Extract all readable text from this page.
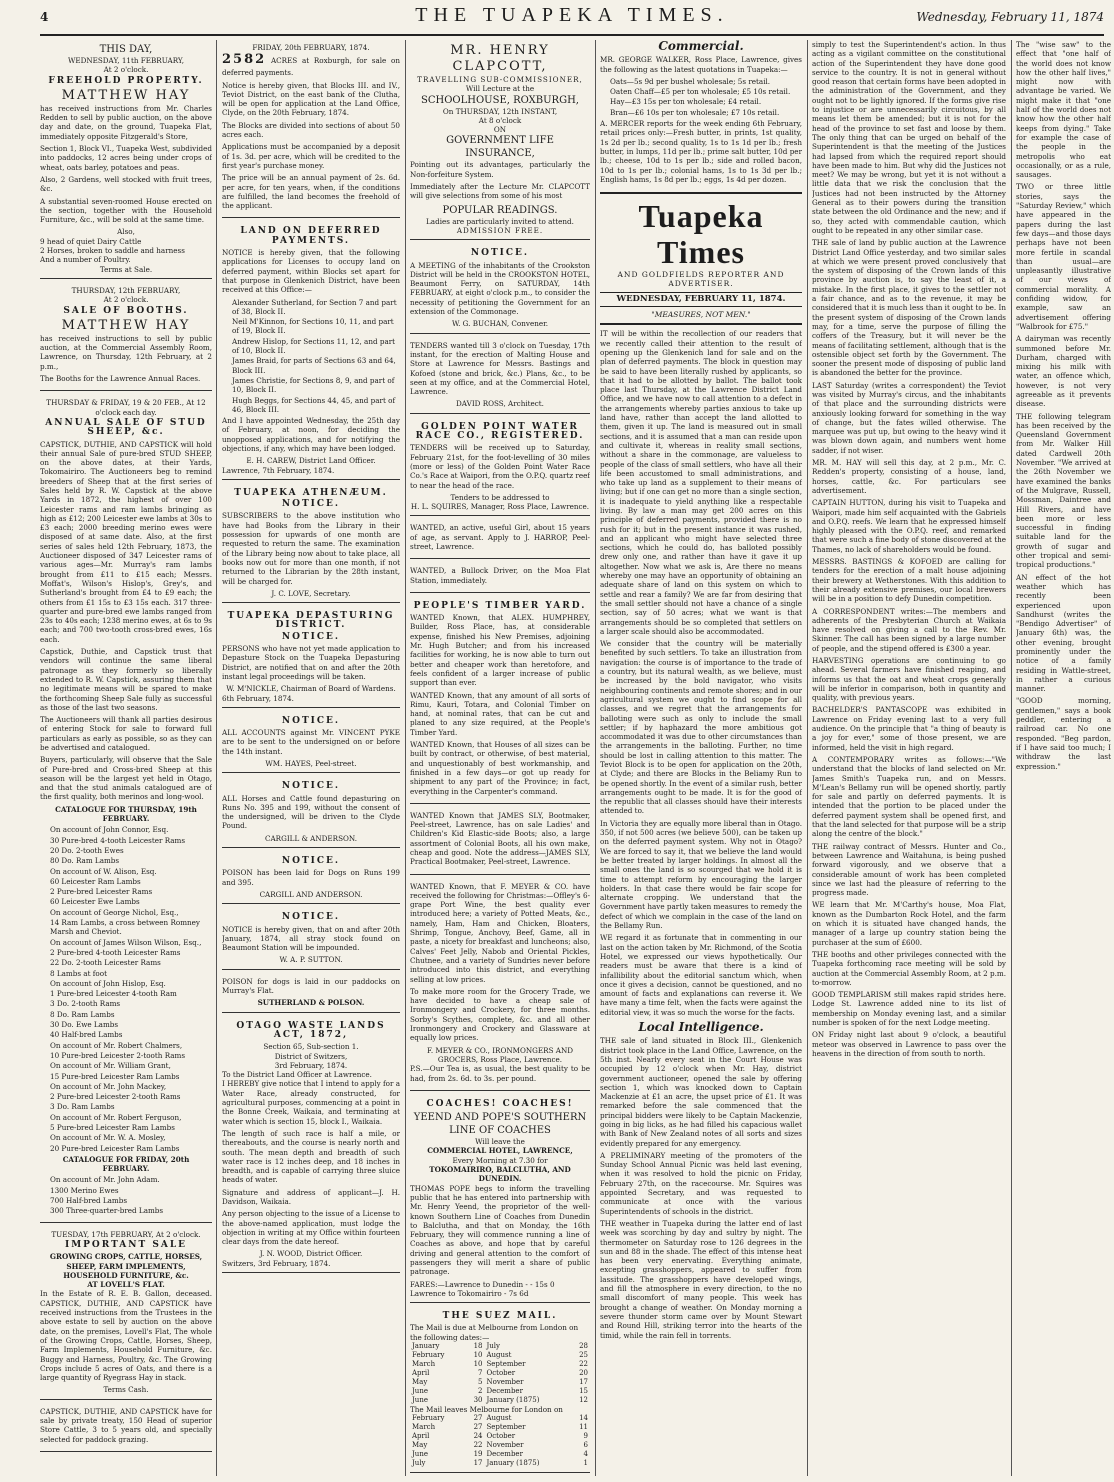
4	THE TUAPEKA TIMES.	Wednesday, February 11, 1874
THIS DAY,
WEDNESDAY, 11th FEBRUARY,
At 2 o'clock.
FREEHOLD PROPERTY.
MATTHEW HAY

has received instructions from Mr. Charles Redden to sell by public auction, on the above day and date, on the ground, Tuapeka Flat, immediately opposite Fitzgerald's Store,

Section 1, Block VI., Tuapeka West, subdivided into paddocks, 12 acres being under crops of wheat, oats barley, potatoes and peas.

Also, 2 Gardens, well stocked with fruit trees, &c.

A substantial seven-roomed House erected on the section, together with the Household Furniture, &c., will be sold at the same time.

Also,
9 head of quiet Dairy Cattle
2 Horses, broken to saddle and harness
And a number of Poultry.
Terms at Sale.
THURSDAY, 12th FEBRUARY,
At 2 o'clock.
SALE OF BOOTHS.
MATTHEW HAY

has received instructions to sell by public auction, at the Commercial Assembly Room, Lawrence, on Thursday, 12th February, at 2 p.m.,

The Booths for the Lawrence Annual Races.

THURSDAY & FRIDAY, 19 & 20 FEB., At 12 o'clock each day.
ANNUAL SALE OF STUD SHEEP, &c.

CAPSTICK, DUTHIE, AND CAPSTICK will hold their annual Sale of pure-bred STUD SHEEP, on the above dates, at their Yards, Tokomairiro. The Auctioneers beg to remind breeders of Sheep that at the first series of Sales held by R. W. Capstick at the above Yards in 1872, the highest of over 100 Leicester rams and ram lambs bringing as high as £12; 200 Leicester ewe lambs at 30s to £3 each; 2000 breeding merino ewes were disposed of at same date. Also, at the first series of sales held 12th February, 1873, the Auctioneer disposed of 347 Leicester rams of various ages—Mr. Murray's ram lambs brought from £11 to £15 each; Messrs. Moffat's, Wilson's Hislop's, Grey's, and Sutherland's brought from £4 to £9 each; the others from £1 15s to £3 15s each. 317 three-quarter and pure-bred ewe lambs ranged from 23s to 40s each; 1238 merino ewes, at 6s to 9s each; and 700 two-tooth cross-bred ewes, 16s each.

Capstick, Duthie, and Capstick trust that vendors will continue the same liberal patronage as they formerly so liberally extended to R. W. Capstick, assuring them that no legitimate means will be spared to make the forthcoming Sheep Sale fully as successful as those of the last two seasons.

The Auctioneers will thank all parties desirous of entering Stock for sale to forward full particulars as early as possible, so as they can be advertised and catalogued.

Buyers, particularly, will observe that the Sale of Pure-bred and Cross-bred Sheep at this season will be the largest yet held in Otago, and that the stud animals catalogued are of the first quality, both merinos and long-wool.

CATALOGUE FOR THURSDAY, 19th FEBRUARY.
On account of John Connor, Esq.
30 Pure-bred 4-tooth Leicester Rams
20 Do. 2-tooth Ewes
80 Do. Ram Lambs
On account of W. Alison, Esq.
60 Leicester Ram Lambs
2 Pure-bred Leicester Rams
60 Leicester Ewe Lambs
On account of George Nichol, Esq.,
14 Ram Lambs, a cross between Romney Marsh and Cheviot.
On account of James Wilson Wilson, Esq.,
2 Pure-bred 4-tooth Leicester Rams
22 Do. 2-tooth Leicester Rams
8 Lambs at foot
On account of John Hislop, Esq.
1 Pure-bred Leicester 4-tooth Ram
3 Do. 2-tooth Rams
8 Do. Ram Lambs
30 Do. Ewe Lambs
40 Half-bred Lambs
On account of Mr. Robert Chalmers,
10 Pure-bred Leicester 2-tooth Rams
On account of Mr. William Grant,
15 Pure-bred Leicester Ram Lambs
On account of Mr. John Mackey,
2 Pure-bred Leicester 2-tooth Rams
3 Do. Ram Lambs
On account of Mr. Robert Ferguson,
5 Pure-bred Leicester Ram Lambs
On account of Mr. W. A. Mosley,
20 Pure-bred Leicester Ram Lambs
CATALOGUE FOR FRIDAY, 20th FEBRUARY.
On account of Mr. John Adam.
1300 Merino Ewes
700 Half-bred Lambs
300 Three-quarter-bred Lambs
TUESDAY, 17th FEBRUARY, At 2 o'clock.
IMPORTANT SALE
GROWING CROPS, CATTLE, HORSES, SHEEP, FARM IMPLEMENTS, HOUSEHOLD FURNITURE, &c.
AT LOVELL'S FLAT.

In the Estate of R. E. B. Gallon, deceased. CAPSTICK, DUTHIE, AND CAPSTICK have received instructions from the Trustees in the above estate to sell by auction on the above date, on the premises, Lovell's Flat, The whole of the Growing Crops, Cattle, Horses, Sheep, Farm Implements, Household Furniture, &c. Buggy and Harness, Poultry, &c. The Growing Crops include 5 acres of Oats, and there is a large quantity of Ryegrass Hay in stack.

Terms Cash.

CAPSTICK, DUTHIE, AND CAPSTICK have for sale by private treaty, 150 Head of superior Store Cattle, 3 to 5 years old, and specially selected for paddock grazing.

FRIDAY, 20th FEBRUARY, 1874.

2582 ACRES at Roxburgh, for sale on deferred payments.

Notice is hereby given, that Blocks III. and IV., Teviot District, on the east bank of the Clutha, will be open for application at the Land Office, Clyde, on the 20th February, 1874.

The Blocks are divided into sections of about 50 acres each.

Applications must be accompanied by a deposit of 1s. 3d. per acre, which will be credited to the first year's purchase money.

The price will be an annual payment of 2s. 6d. per acre, for ten years, when, if the conditions are fulfilled, the land becomes the freehold of the applicant.

LAND ON DEFERRED PAYMENTS.

NOTICE is hereby given, that the following applications for Licenses to occupy land on deferred payment, within Blocks set apart for that purpose in Glenkenich District, have been received at this Office:—

Alexander Sutherland, for Section 7 and part of 38, Block II.
Neil M'Kinnon, for Sections 10, 11, and part of 19, Block II.
Andrew Hislop, for Sections 11, 12, and part of 10, Block II.
James Braid, for parts of Sections 63 and 64, Block III.
James Christie, for Sections 8, 9, and part of 10, Block II.
Hugh Beggs, for Sections 44, 45, and part of 46, Block III.

And I have appointed Wednesday, the 25th day of February, at noon, for deciding the unopposed applications, and for notifying the objections, if any, which may have been lodged.

E. H. CAREW, District Land Officer.
Lawrence, 7th February, 1874.
TUAPEKA ATHENÆUM.
NOTICE.

SUBSCRIBERS to the above institution who have had Books from the Library in their possession for upwards of one month are requested to return the same. The examination of the Library being now about to take place, all books now out for more than one month, if not returned to the Librarian by the 28th instant, will be charged for.

J. C. LOVE, Secretary.
TUAPEKA DEPASTURING DISTRICT.
NOTICE.

PERSONS who have not yet made application to Depasture Stock on the Tuapeka Depasturing District, are notified that on and after the 20th instant legal proceedings will be taken.

W. M'NICKLE, Chairman of Board of Wardens.
6th February, 1874.
NOTICE.

ALL ACCOUNTS against Mr. VINCENT PYKE are to be sent to the undersigned on or before the 14th instant.

WM. HAYES, Peel-street.
NOTICE.

ALL Horses and Cattle found depasturing on Runs No. 395 and 199, without the consent of the undersigned, will be driven to the Clyde Pound.

CARGILL & ANDERSON.
NOTICE.

POISON has been laid for Dogs on Runs 199 and 395.

CARGILL AND ANDERSON.
NOTICE.

NOTICE is hereby given, that on and after 20th January, 1874, all stray stock found on Beaumont Station will be impounded.

W. A. P. SUTTON.

POISON for dogs is laid in our paddocks on Murray's Flat.

SUTHERLAND & POLSON.
OTAGO WASTE LANDS ACT, 1872,
Section 65, Sub-section 1.
District of Switzers,
3rd February, 1874.
To the District Land Officer at Lawrence.

I HEREBY give notice that I intend to apply for a Water Race, already constructed, for agricultural purposes, commencing at a point in the Bonne Creek, Waikaia, and terminating at water which is section 15, block I., Waikaia.

The length of such race is half a mile, or thereabouts, and the course is nearly north and south. The mean depth and breadth of such water race is 12 inches deep, and 18 inches in breadth, and is capable of carrying three sluice heads of water.

Signature and address of applicant—J. H. Davidson, Waikaia.

Any person objecting to the issue of a License to the above-named application, must lodge the objection in writing at my Office within fourteen clear days from the date hereof.

J. N. WOOD, District Officer.
Switzers, 3rd February, 1874.
MR. HENRY CLAPCOTT,
TRAVELLING SUB-COMMISSIONER,
Will Lecture at the
SCHOOLHOUSE, ROXBURGH,
On THURSDAY, 12th INSTANT,
At 8 o'clock
ON
GOVERNMENT LIFE INSURANCE,

Pointing out its advantages, particularly the Non-forfeiture System.

Immediately after the Lecture Mr. CLAPCOTT will give selections from some of his most

POPULAR READINGS.
Ladies are particularly invited to attend.
ADMISSION FREE.
NOTICE.

A MEETING of the inhabitants of the Crookston District will be held in the CROOKSTON HOTEL, Beaumont Ferry, on SATURDAY, 14th FEBRUARY, at eight o'clock p.m., to consider the necessity of petitioning the Government for an extension of the Commonage.

W. G. BUCHAN, Convener.

TENDERS wanted till 3 o'clock on Tuesday, 17th instant, for the erection of Malting House and Store at Lawrence for Messrs. Bastings and Kofoed (stone and brick, &c.) Plans, &c., to be seen at my office, and at the Commercial Hotel, Lawrence.

DAVID ROSS, Architect.
GOLDEN POINT WATER RACE CO., REGISTERED.

TENDERS will be received up to Saturday, February 21st, for the foot-levelling of 30 miles (more or less) of the Golden Point Water Race Co.'s Race at Waipori, from the O.P.Q. quartz reef to near the head of the race.

Tenders to be addressed to
H. L. SQUIRES, Manager, Ross Place, Lawrence.

WANTED, an active, useful Girl, about 15 years of age, as servant. Apply to J. HARROP, Peel-street, Lawrence.

WANTED, a Bullock Driver, on the Moa Flat Station, immediately.

PEOPLE'S TIMBER YARD.

WANTED Known, that ALEX. HUMPHREY, Builder, Ross Place, has, at considerable expense, finished his New Premises, adjoining Mr. Hugh Butcher; and from his increased facilities for working, he is now able to turn out better and cheaper work than heretofore, and feels confident of a larger increase of public support than ever.

WANTED Known, that any amount of all sorts of Rimu, Kauri, Totara, and Colonial Timber on hand, at nominal rates, that can be cut and planed to any size required, at the People's Timber Yard.

WANTED Known, that Houses of all sizes can be built by contract, or otherwise, of best material, and unquestionably of best workmanship, and finished in a few days—or got up ready for shipment to any part of the Province; in fact, everything in the Carpenter's command.

WANTED Known that JAMES SLY, Bootmaker, Peel-street, Lawrence, has on sale Ladies' and Children's Kid Elastic-side Boots; also, a large assortment of Colonial Boots, all his own make, cheap and good. Note the address—JAMES SLY, Practical Bootmaker, Peel-street, Lawrence.

WANTED Known, that F. MEYER & CO. have received the following for Christmas:—Offley's 6-grape Port Wine, the best quality ever introduced here; a variety of Potted Meats, &c., namely, Ham, Ham and Chicken, Bloaters, Shrimp, Tongue, Anchovy, Beef, Game, all in paste, a nicety for breakfast and luncheons; also, Calves' Feet Jelly, Nabob and Oriental Pickles, Chutnee, and a variety of Sundries never before introduced into this district, and everything selling at low prices.

To make more room for the Grocery Trade, we have decided to have a cheap sale of Ironmongery and Crockery, for three months. Sorby's Scythes, complete, &c. and all other Ironmongery and Crockery and Glassware at equally low prices.

F. MEYER & CO., IRONMONGERS AND GROCERS, Ross Place, Lawrence.

P.S.—Our Tea is, as usual, the best quality to be had, from 2s. 6d. to 3s. per pound.

COACHES! COACHES!
YEEND AND POPE'S SOUTHERN LINE OF COACHES
Will leave the
COMMERCIAL HOTEL, LAWRENCE,
Every Morning at 7.30 for
TOKOMAIRIRO, BALCLUTHA, AND DUNEDIN.

THOMAS POPE begs to inform the travelling public that he has entered into partnership with Mr. Henry Yeend, the proprietor of the well-known Southern Line of Coaches from Dunedin to Balclutha, and that on Monday, the 16th February, they will commence running a line of Coaches as above, and hope that by careful driving and general attention to the comfort of passengers they will merit a share of public patronage.

FARES:—Lawrence to Dunedin - - 15s 0
Lawrence to Tokomairiro - 7s 6d
THE SUEZ MAIL.
The Mail is due at Melbourne from London on the following dates:—
January	18	July	28
February	10	August	25
March	10	September	22
April	7	October	20
May	5	November	17
June	2	December	15
June	30	January (1875)	12
The Mail leaves Melbourne for London on
February	27	August	14
March	27	September	11
April	24	October	9
May	22	November	6
June	19	December	4
July	17	January (1875)	1
Commercial.

MR. GEORGE WALKER, Ross Place, Lawrence, gives the following as the latest quotations in Tuapeka:—

Oats—5s 9d per bushel wholesale; 5s retail.
Oaten Chaff—£5 per ton wholesale; £5 10s retail.
Hay—£3 15s per ton wholesale; £4 retail.
Bran—£6 10s per ton wholesale; £7 10s retail.

A. MERCER reports for the week ending 6th February, retail prices only:—Fresh butter, in prints, 1st quality, 1s 2d per lb.; second quality, 1s to 1s 1d per lb.; fresh butter, in lumps, 11d per lb.; prime salt butter, 10d per lb.; cheese, 10d to 1s per lb.; side and rolled bacon, 10d to 1s per lb.; colonial hams, 1s to 1s 3d per lb.; English hams, 1s 8d per lb.; eggs, 1s 4d per dozen.

Tuapeka Times
AND GOLDFIELDS REPORTER AND ADVERTISER.
WEDNESDAY, FEBRUARY 11, 1874.
"MEASURES, NOT MEN."

IT will be within the recollection of our readers that we recently called their attention to the result of opening up the Glenkenich land for sale and on the plan of deferred payments. The block in question may be said to have been literally rushed by applicants, so that it had to be allotted by ballot. The ballot took place last Thursday, at the Lawrence District Land Office, and we have now to call attention to a defect in the arrangements whereby parties anxious to take up land have, rather than accept the land allotted to them, given it up. The land is measured out in small sections, and it is assumed that a man can reside upon and cultivate it, whereas in reality small sections, without a share in the commonage, are valueless to people of the class of small settlers, who have all their life been accustomed to small administrations, and who take up land as a supplement to their means of living; but if one can get no more than a single section, it is inadequate to yield anything like a respectable living. By law a man may get 200 acres on this principle of deferred payments, provided there is no rush for it; but in the present instance it was rushed, and an applicant who might have selected three sections, which he could do, has balloted possibly drew only one, and rather than have it gave it up altogether. Now what we ask is, Are there no means whereby one may have an opportunity of obtaining an adequate share of land on this system on which to settle and rear a family? We are far from desiring that the small settler should not have a chance of a single section, say of 50 acres; what we want is that arrangements should be so completed that settlers on a larger scale should also be accommodated.

We consider that the country will be materially benefited by such settlers. To take an illustration from navigation: the course is of importance to the trade of a country, but its natural wealth, as we believe, must be increased by the bold navigator, who visits neighbouring continents and remote shores; and in our agricultural system we ought to find scope for all classes, and we regret that the arrangements for balloting were such as only to include the small settler; if by haphazard the more ambitious got accommodated it was due to other circumstances than the arrangements in the balloting. Further, no time should be lost in calling attention to this matter. The Teviot Block is to be open for application on the 20th, at Clyde; and there are Blocks in the Beliamy Run to be opened shortly. In the event of a similar rush, better arrangements ought to be made. It is for the good of the republic that all classes should have their interests attended to.

In Victoria they are equally more liberal than in Otago. 350, if not 500 acres (we believe 500), can be taken up on the deferred payment system. Why not in Otago? We are forced to say it, that we believe the land would be better treated by larger holdings. In almost all the small ones the land is so scourged that we hold it is time to attempt reform by encouraging the larger holders. In that case there would be fair scope for alternate cropping. We understand that the Government have partly taken measures to remedy the defect of which we complain in the case of the land on the Bellamy Run.

WE regard it as fortunate that in commenting in our last on the action taken by Mr. Richmond, of the Scotia Hotel, we expressed our views hypothetically. Our readers must be aware that there is a kind of infallibility about the editorial sanctum which, when once it gives a decision, cannot be questioned, and no amount of facts and explanations can reverse it. We have many a time felt, when the facts were against the editorial view, it was so much the worse for the facts.

Local Intelligence.

THE sale of land situated in Block III., Glenkenich district took place in the Land Office, Lawrence, on the 5th inst. Nearly every seat in the Court House was occupied by 12 o'clock when Mr. Hay, district government auctioneer, opened the sale by offering section 1, which was knocked down to Captain Mackenzie at £1 an acre, the upset price of £1. It was remarked before the sale commenced that the principal bidders were likely to be Captain Mackenzie, going in big licks, as he had filled his capacious wallet with Bank of New Zealand notes of all sorts and sizes evidently prepared for any emergency.

A PRELIMINARY meeting of the promoters of the Sunday School Annual Picnic was held last evening, when it was resolved to hold the picnic on Friday, February 27th, on the racecourse. Mr. Squires was appointed Secretary, and was requested to communicate at once with the various Superintendents of schools in the district.

THE weather in Tuapeka during the latter end of last week was scorching by day and sultry by night. The thermometer on Saturday rose to 126 degrees in the sun and 88 in the shade. The effect of this intense heat has been very enervating. Everything animate, excepting grasshoppers, appeared to suffer from lassitude. The grasshoppers have developed wings, and fill the atmosphere in every direction, to the no small discomfort of many people. This week has brought a change of weather. On Monday morning a severe thunder storm came over by Mount Stewart and Round Hill, striking terror into the hearts of the timid, while the rain fell in torrents.

simply to test the Superintendent's action. In thus acting as a vigilant committee on the constitutional action of the Superintendent they have done good service to the country. It is not in general without good reason that certain forms have been adopted in the administration of the Government, and they ought not to be lightly ignored. If the forms give rise to injustice or are unnecessarily circuitous, by all means let them be amended; but it is not for the head of the province to set fast and loose by them. The only thing that can be urged on behalf of the Superintendent is that the meeting of the Justices had lapsed from which the required report should have been made to him. But why did the Justices not meet? We may be wrong, but yet it is not without a little data that we risk the conclusion that the Justices had not been instructed by the Attorney General as to their powers during the transition state between the old Ordinance and the new; and if so, they acted with commendable caution, which ought to be repeated in any other similar case.

THE sale of land by public auction at the Lawrence District Land Office yesterday, and two similar sales at which we were present proved conclusively that the system of disposing of the Crown lands of this province by auction is, to say the least of it, a mistake. In the first place, it gives to the settler not a fair chance, and as to the revenue, it may be considered that it is much less than it ought to be. In the present system of disposing of the Crown lands may, for a time, serve the purpose of filling the coffers of the Treasury, but it will never be the means of facilitating settlement, although that is the ostensible object set forth by the Government. The sooner the present mode of disposing of public land is abandoned the better for the province.

LAST Saturday (writes a correspondent) the Teviot was visited by Murray's circus, and the inhabitants of that place and the surrounding districts were anxiously looking forward for something in the way of change, but the fates willed otherwise. The marquee was put up, but owing to the heavy wind it was blown down again, and numbers went home sadder, if not wiser.

MR. M. HAY will sell this day, at 2 p.m., Mr. C. Redden's property, consisting of a house, land, horses, cattle, &c. For particulars see advertisement.

CAPTAIN HUTTON, during his visit to Tuapeka and Waipori, made him self acquainted with the Gabriels and O.P.Q. reefs. We learn that he expressed himself highly pleased with the O.P.Q. reef, and remarked that were such a fine body of stone discovered at the Thames, no lack of shareholders would be found.

MESSRS. BASTINGS & KOFOED are calling for tenders for the erection of a malt house adjoining their brewery at Wetherstones. With this addition to their already extensive premises, our local brewers will be in a position to defy Dunedin competition.

A CORRESPONDENT writes:—The members and adherents of the Presbyterian Church at Waikaia have resolved on giving a call to the Rev. Mr. Skinner. The call has been signed by a large number of people, and the stipend offered is £300 a year.

HARVESTING operations are continuing to go ahead. Several farmers have finished reaping, and informs us that the oat and wheat crops generally will be inferior in comparison, both in quantity and quality, with previous years.

BACHELDER'S PANTASCOPE was exhibited in Lawrence on Friday evening last to a very full audience. On the principle that "a thing of beauty is a joy for ever," some of those present, we are informed, held the visit in high regard.

A CONTEMPORARY writes as follows:—"We understand that the blocks of land selected on Mr. James Smith's Tuapeka run, and on Messrs. M'Lean's Bellamy run will be opened shortly, partly for sale and partly on deferred payments. It is intended that the portion to be placed under the deferred payment system shall be opened first, and that the land selected for that purpose will be a strip along the centre of the block."

THE railway contract of Messrs. Hunter and Co., between Lawrence and Waitahuna, is being pushed forward vigorously, and we observe that a considerable amount of work has been completed since we last had the pleasure of referring to the progress made.

WE learn that Mr. M'Carthy's house, Moa Flat, known as the Dumbarton Rock Hotel, and the farm on which it is situated have changed hands, the manager of a large up country station being the purchaser at the sum of £600.

THE booths and other privileges connected with the Tuapeka forthcoming race meeting will be sold by auction at the Commercial Assembly Room, at 2 p.m. to-morrow.

GOOD TEMPLARISM still makes rapid strides here. Lodge St. Lawrence added nine to its list of membership on Monday evening last, and a similar number is spoken of for the next Lodge meeting.

ON Friday night last about 9 o'clock, a beautiful meteor was observed in Lawrence to pass over the heavens in the direction of from south to north.

The "wise saw" to the effect that "one half of the world does not know how the other half lives," might now with advantage be varied. We might make it that "one half of the world does not know how the other half keeps from dying." Take for example the case of the people in the metropolis who eat occasionally, or as a rule, sausages.

TWO or three little stories, says the "Saturday Review," which have appeared in the papers during the last few days—and those days perhaps have not been more fertile in scandal than usual—are unpleasantly illustrative of our views of commercial morality. A confiding widow, for example, saw an advertisement offering "Walbrook for £75."

A dairyman was recently summoned before Mr. Durham, charged with mixing his milk with water, an offence which, however, is not very agreeable as it prevents disease.

THE following telegram has been received by the Queensland Government from Mr. Walker Hill dated Cardwell 20th November. "We arrived at the 26th November we have examined the banks of the Mulgrave, Russell, Mossman, Daintree and Hill Rivers, and have been more or less successful in finding suitable land for the growth of sugar and other tropical and semi-tropical productions."

AN effect of the hot weather which has recently been experienced upon Sandhurst (writes the "Bendigo Advertiser" of January 6th) was, the other evening, brought prominently under the notice of a family residing in Wattle-street, in rather a curious manner.

"GOOD morning, gentlemen," says a book peddler, entering a railroad car. No one responded. "Beg pardon, if I have said too much; I withdraw the last expression."
